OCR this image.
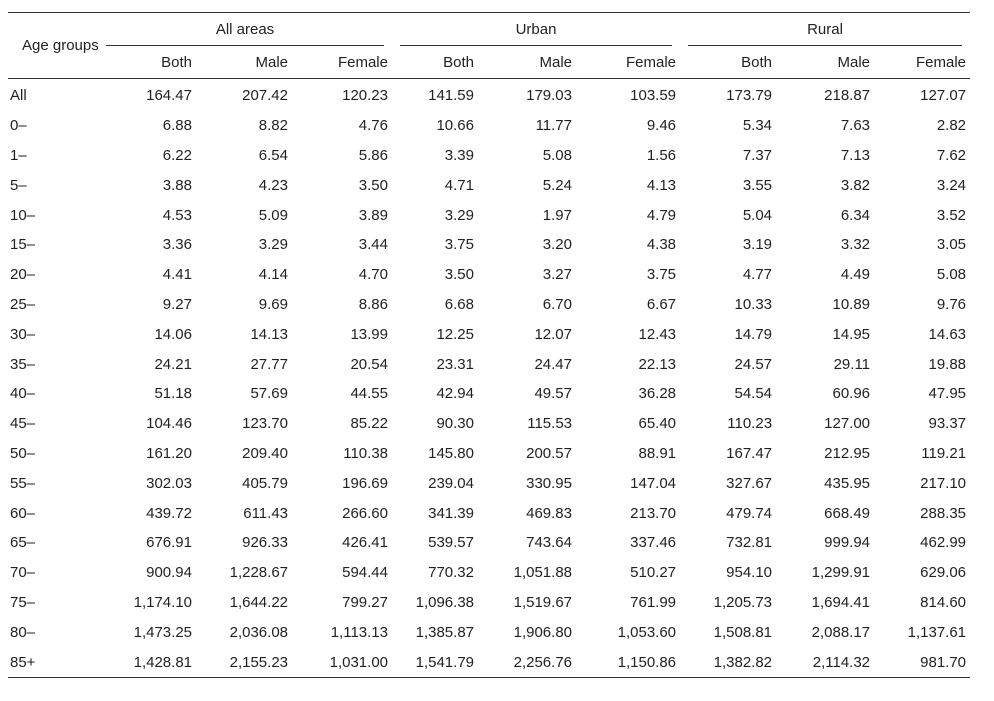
Age groups	All areas			Urban			Rural		

	Both	Male	Female	Both	Male	Female	Both	Male	Female
All	164.47	207.42	120.23	141.59	179.03	103.59	173.79	218.87	127.07
0–	6.88	8.82	4.76	10.66	11.77	9.46	5.34	7.63	2.82
1–	6.22	6.54	5.86	3.39	5.08	1.56	7.37	7.13	7.62
5–	3.88	4.23	3.50	4.71	5.24	4.13	3.55	3.82	3.24
10–	4.53	5.09	3.89	3.29	1.97	4.79	5.04	6.34	3.52
15–	3.36	3.29	3.44	3.75	3.20	4.38	3.19	3.32	3.05
20–	4.41	4.14	4.70	3.50	3.27	3.75	4.77	4.49	5.08
25–	9.27	9.69	8.86	6.68	6.70	6.67	10.33	10.89	9.76
30–	14.06	14.13	13.99	12.25	12.07	12.43	14.79	14.95	14.63
35–	24.21	27.77	20.54	23.31	24.47	22.13	24.57	29.11	19.88
40–	51.18	57.69	44.55	42.94	49.57	36.28	54.54	60.96	47.95
45–	104.46	123.70	85.22	90.30	115.53	65.40	110.23	127.00	93.37
50–	161.20	209.40	110.38	145.80	200.57	88.91	167.47	212.95	119.21
55–	302.03	405.79	196.69	239.04	330.95	147.04	327.67	435.95	217.10
60–	439.72	611.43	266.60	341.39	469.83	213.70	479.74	668.49	288.35
65–	676.91	926.33	426.41	539.57	743.64	337.46	732.81	999.94	462.99
70–	900.94	1,228.67	594.44	770.32	1,051.88	510.27	954.10	1,299.91	629.06
75–	1,174.10	1,644.22	799.27	1,096.38	1,519.67	761.99	1,205.73	1,694.41	814.60
80–	1,473.25	2,036.08	1,113.13	1,385.87	1,906.80	1,053.60	1,508.81	2,088.17	1,137.61
85+	1,428.81	2,155.23	1,031.00	1,541.79	2,256.76	1,150.86	1,382.82	2,114.32	981.70
